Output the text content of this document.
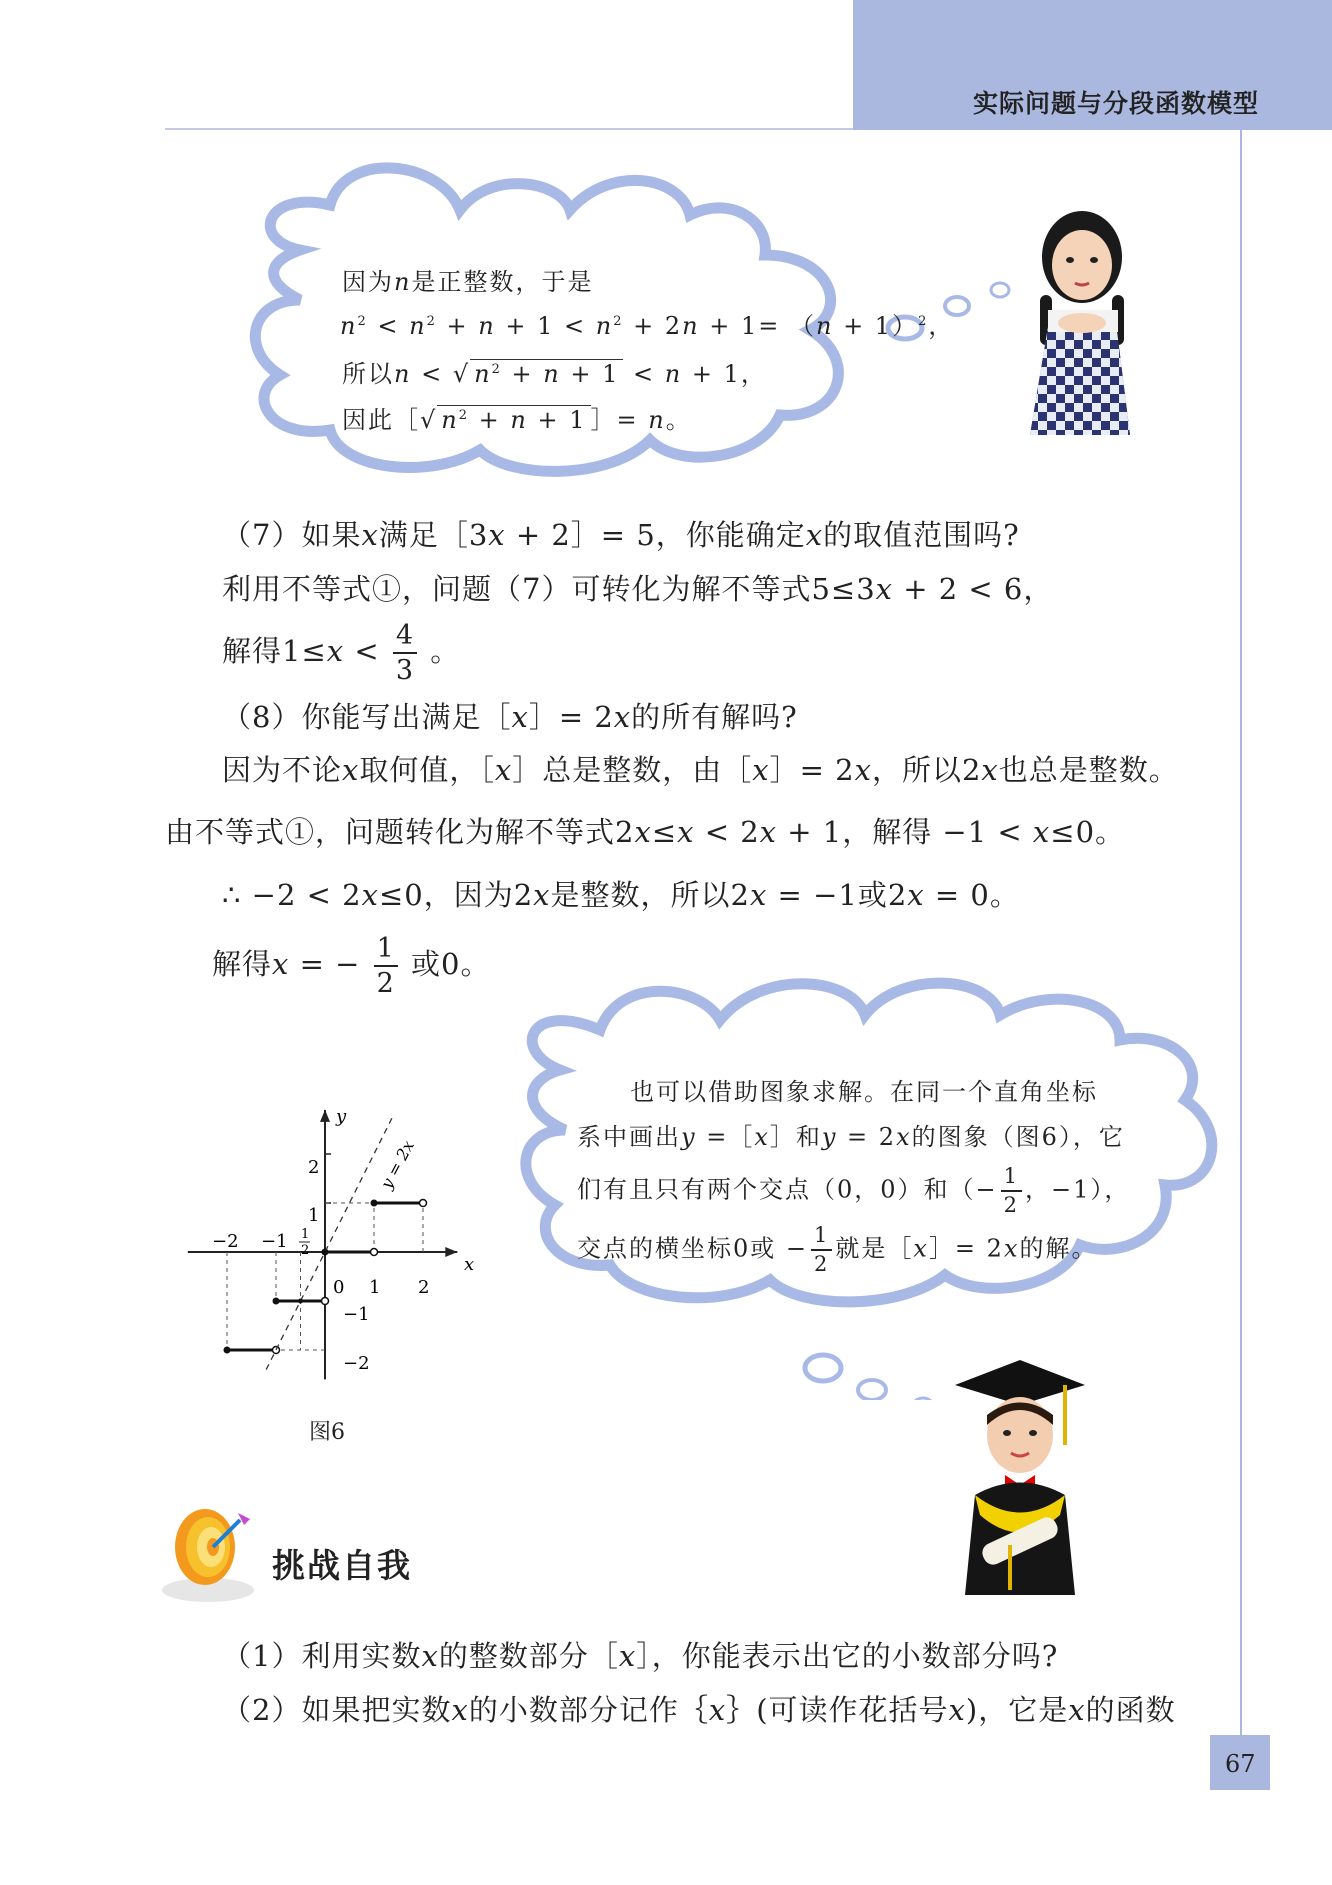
实际问题与分段函数模型
因为n是正整数，于是
$n^2 < n^2 + n + 1 < n^2 + 2n + 1= (n + 1)^2$，
所以n < √ $n^2 + n + 1 < n + 1$，
因此［√ $n^2 + n + 1$ ］= n。
（7）如果x满足［3x + 2］= 5，你能确定x的取值范围吗?
利用不等式①，问题（7）可转化为解不等式5≤3x + 2 < 6，
解得$1\le x < \frac{4}{3}$ 。
（8）你能写出满足［x］= 2x的所有解吗?
因为不论x取何值，［x］总是整数，由［x］= 2x，所以2x也总是整数。
由不等式①，问题转化为解不等式2x≤x < 2x + 1，解得 −1 < x≤0。
∴ −2 < 2x≤0，因为2x是整数，所以2x = −1或2x = 0。
解得x = − $\frac{1}{2}$ 或0。
也可以借助图象求解。在同一个直角坐标
系中画出y =［x］和y = 2x的图象（图6），它
们有且只有两个交点（0，0）和（− $\frac{1}{2}$ ，−1），
交点的横坐标0或 − $\frac{1}{2}$ 就是［x］= 2x的解。
y
x
2
1
−1
−2
0 1 2
−2 −1 1
2
y = 2x
图6
挑战自我
（1）利用实数x的整数部分［x］，你能表示出它的小数部分吗?
（2）如果把实数x的小数部分记作｛x｝(可读作花括号x)，它是x的函数
67
